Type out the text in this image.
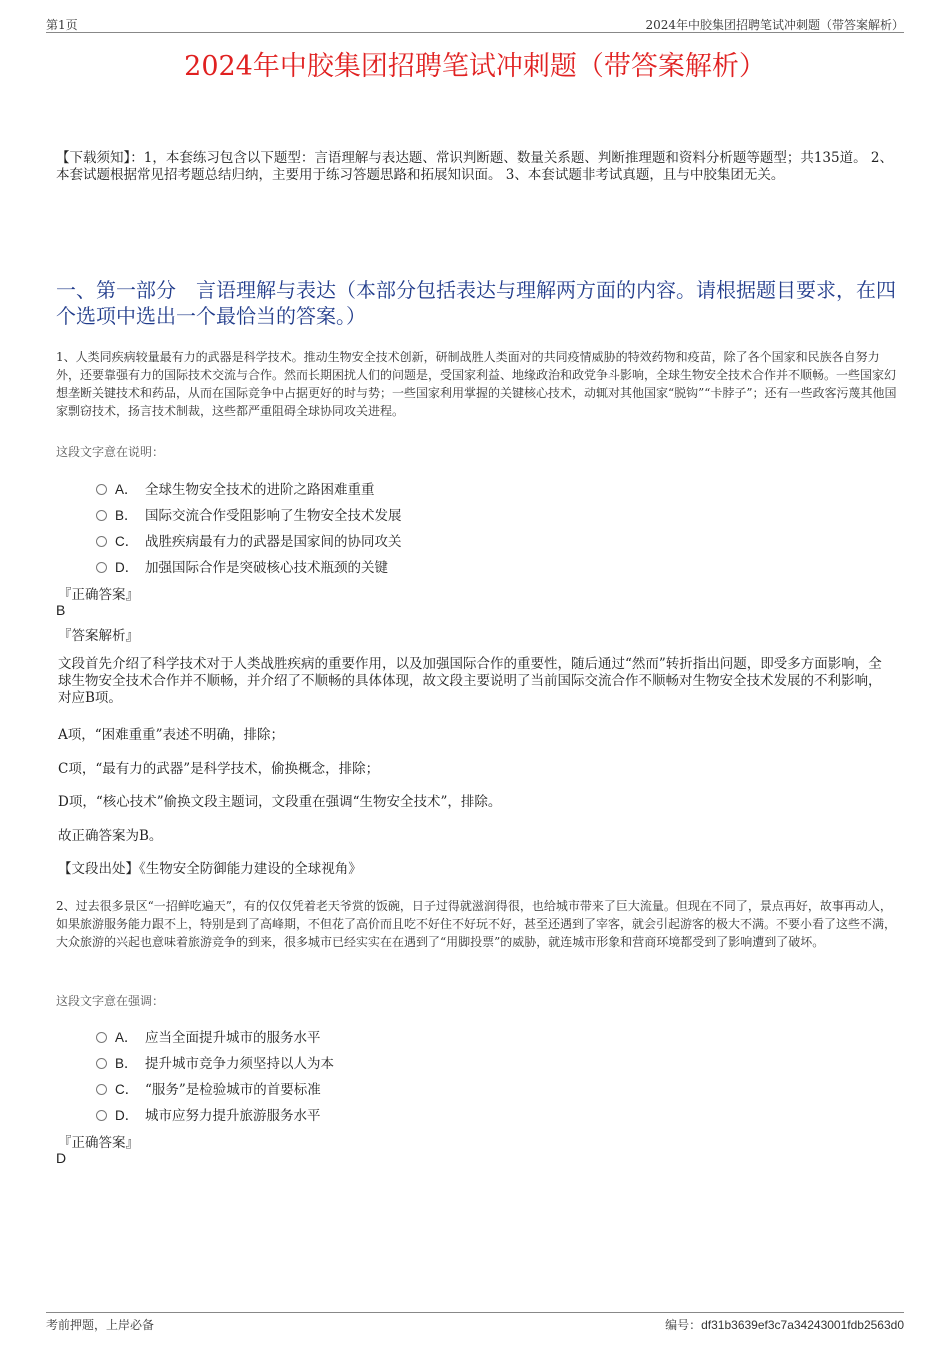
第1页	2024年中胶集团招聘笔试冲刺题（带答案解析）
2024年中胶集团招聘笔试冲刺题（带答案解析）
【下载须知】：1，本套练习包含以下题型：言语理解与表达题、常识判断题、数量关系题、判断推理题和资料分析题等题型；共135道。 2、本套试题根据常见招考题总结归纳，主要用于练习答题思路和拓展知识面。 3、本套试题非考试真题，且与中胶集团无关。
一、第一部分　言语理解与表达（本部分包括表达与理解两方面的内容。请根据题目要求，在四个选项中选出一个最恰当的答案。）
1、人类同疾病较量最有力的武器是科学技术。推动生物安全技术创新，研制战胜人类面对的共同疫情威胁的特效药物和疫苗，除了各个国家和民族各自努力外，还要靠强有力的国际技术交流与合作。然而长期困扰人们的问题是，受国家利益、地缘政治和政党争斗影响，全球生物安全技术合作并不顺畅。一些国家幻想垄断关键技术和药品，从而在国际竞争中占据更好的时与势；一些国家利用掌握的关键核心技术，动辄对其他国家“脱钩”“卡脖子”；还有一些政客污蔑其他国家剽窃技术，扬言技术制裁，这些都严重阻碍全球协同攻关进程。
这段文字意在说明：
A． 全球生物安全技术的进阶之路困难重重
B． 国际交流合作受阻影响了生物安全技术发展
C． 战胜疾病最有力的武器是国家间的协同攻关
D． 加强国际合作是突破核心技术瓶颈的关键
『正确答案』
B
『答案解析』
文段首先介绍了科学技术对于人类战胜疾病的重要作用，以及加强国际合作的重要性，随后通过“然而”转折指出问题，即受多方面影响，全球生物安全技术合作并不顺畅，并介绍了不顺畅的具体体现，故文段主要说明了当前国际交流合作不顺畅对生物安全技术发展的不利影响，对应B项。
A项，“困难重重”表述不明确，排除；
C项，“最有力的武器”是科学技术，偷换概念，排除；
D项，“核心技术”偷换文段主题词，文段重在强调“生物安全技术”，排除。
故正确答案为B。
【文段出处】《生物安全防御能力建设的全球视角》
2、过去很多景区“一招鲜吃遍天”，有的仅仅凭着老天爷赏的饭碗，日子过得就滋润得很，也给城市带来了巨大流量。但现在不同了，景点再好，故事再动人，如果旅游服务能力跟不上，特别是到了高峰期，不但花了高价而且吃不好住不好玩不好，甚至还遇到了宰客，就会引起游客的极大不满。不要小看了这些不满，大众旅游的兴起也意味着旅游竞争的到来，很多城市已经实实在在遇到了“用脚投票”的威胁，就连城市形象和营商环境都受到了影响遭到了破坏。
这段文字意在强调：
A． 应当全面提升城市的服务水平
B． 提升城市竞争力须坚持以人为本
C． “服务”是检验城市的首要标准
D． 城市应努力提升旅游服务水平
『正确答案』
D
考前押题，上岸必备	编号：df31b3639ef3c7a34243001fdb2563d0
